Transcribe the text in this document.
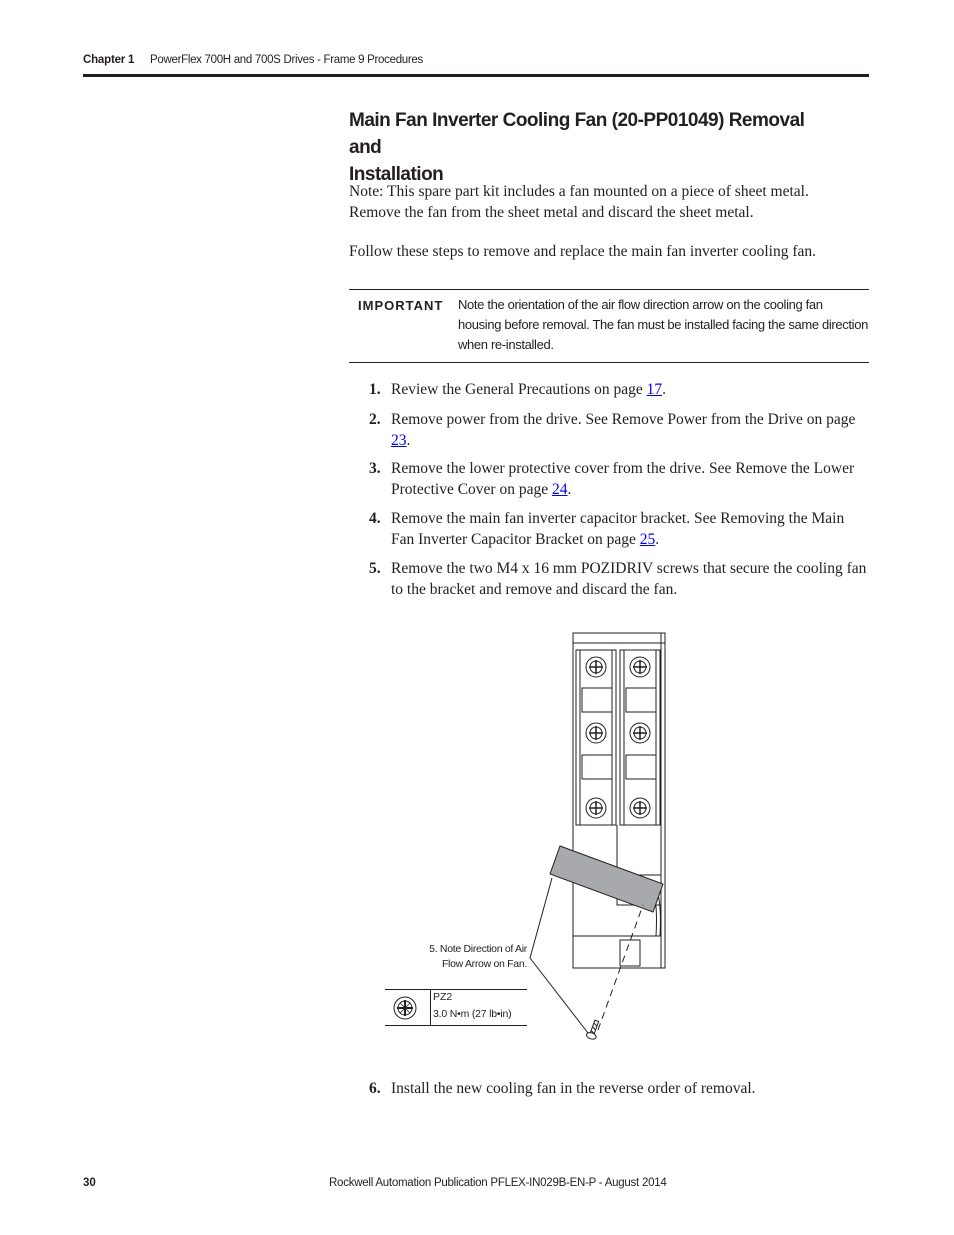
Chapter 1 PowerFlex 700H and 700S Drives - Frame 9 Procedures
Main Fan Inverter Cooling Fan (20-PP01049) Removal and
Installation
Note: This spare part kit includes a fan mounted on a piece of sheet metal. Remove the fan from the sheet metal and discard the sheet metal.
Follow these steps to remove and replace the main fan inverter cooling fan.
IMPORTANT Note the orientation of the air flow direction arrow on the cooling fan housing before removal. The fan must be installed facing the same direction when re-installed.
1. Review the General Precautions on page 17.
2. Remove power from the drive. See Remove Power from the Drive on page 23.
3. Remove the lower protective cover from the drive. See Remove the Lower Protective Cover on page 24.
4. Remove the main fan inverter capacitor bracket. See Removing the Main Fan Inverter Capacitor Bracket on page 25.
5. Remove the two M4 x 16 mm POZIDRIV screws that secure the cooling fan to the bracket and remove and discard the fan.
5. Note Direction of Air
Flow Arrow on Fan.
PZ2
3.0 N•m (27 lb•in)
6. Install the new cooling fan in the reverse order of removal.
30	Rockwell Automation Publication PFLEX-IN029B-EN-P - August 2014
